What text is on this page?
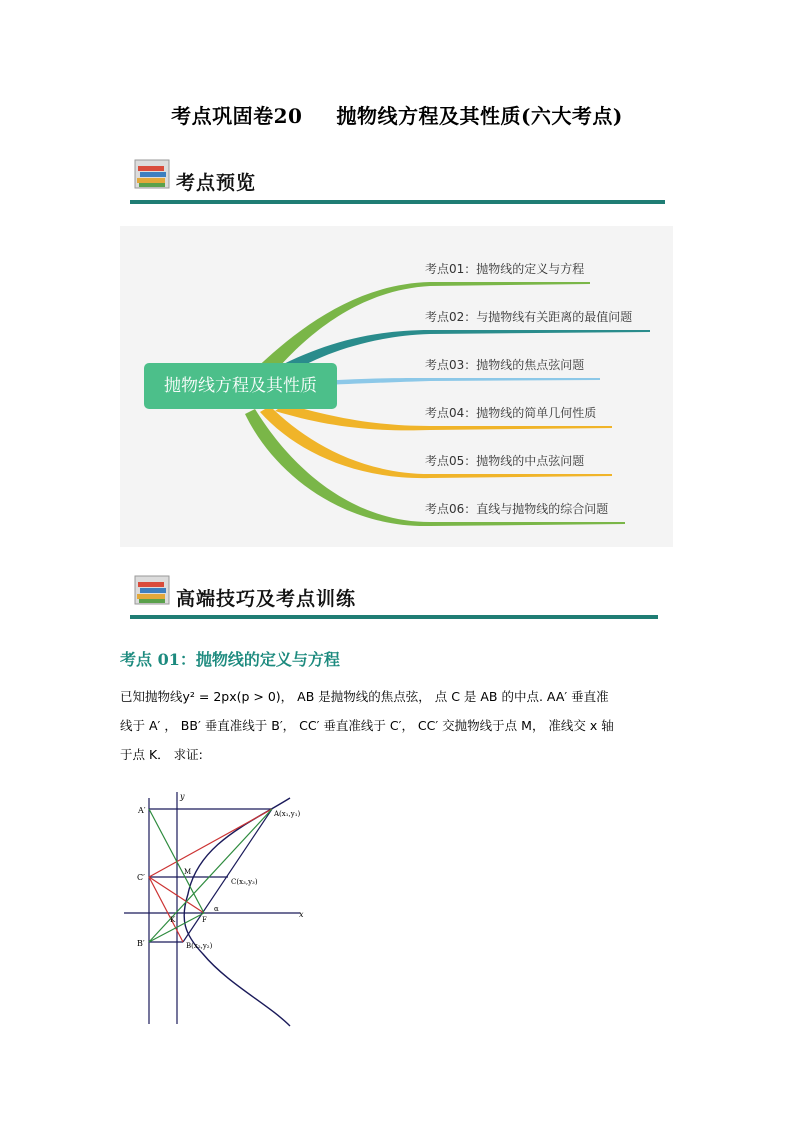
考点巩固卷20 抛物线方程及其性质(六大考点)
考点预览
抛物线方程及其性质
考点01：抛物线的定义与方程
考点02：与抛物线有关距离的最值问题
考点03：抛物线的焦点弦问题
考点04：抛物线的简单几何性质
考点05：抛物线的中点弦问题
考点06：直线与抛物线的综合问题
高端技巧及考点训练
考点 01：抛物线的定义与方程
已知抛物线y² = 2px(p > 0)， AB 是抛物线的焦点弦， 点 C 是 AB 的中点. AA′ 垂直准
线于 A′ ， BB′ 垂直准线于 B′， CC′ 垂直准线于 C′， CC′ 交抛物线于点 M， 准线交 x 轴
于点 K． 求证:
A′
C′
B′
A(x₁,y₁)
C(x₃,y₃)
B(x₂,y₂)
F
K
M
α
x
y
